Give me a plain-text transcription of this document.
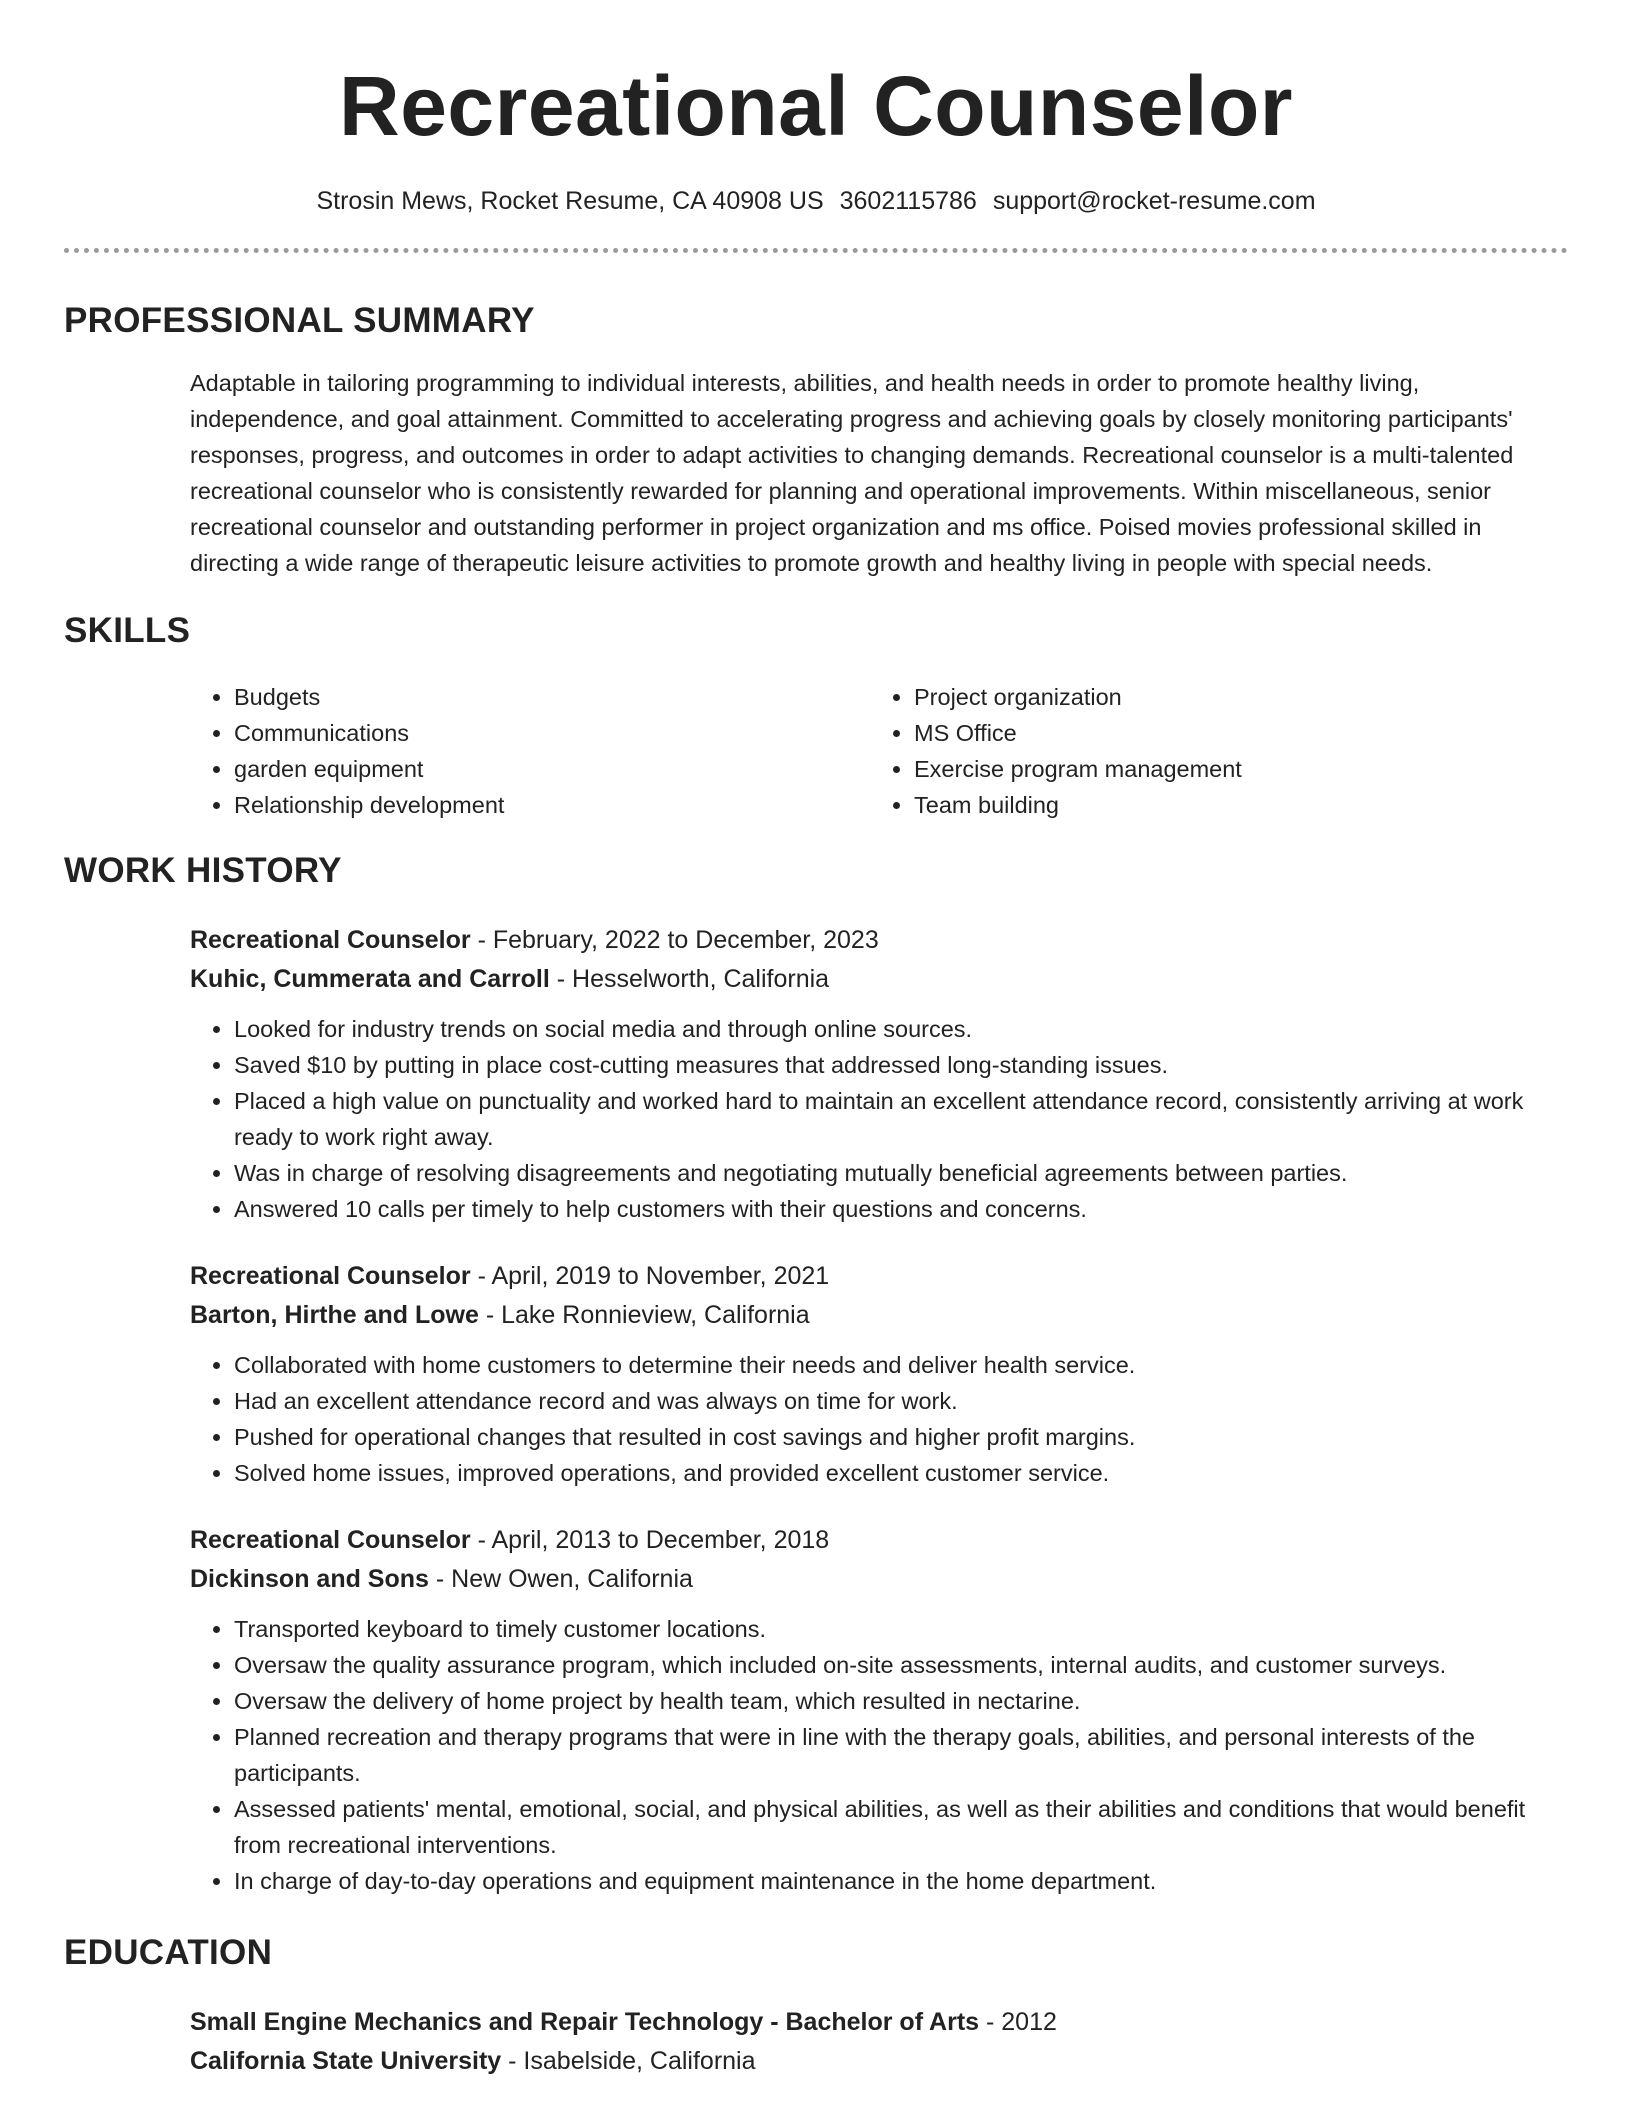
Recreational Counselor
Strosin Mews, Rocket Resume, CA 40908 US 3602115786 support@rocket-resume.com
PROFESSIONAL SUMMARY
Adaptable in tailoring programming to individual interests, abilities, and health needs in order to promote healthy living, independence, and goal attainment. Committed to accelerating progress and achieving goals by closely monitoring participants' responses, progress, and outcomes in order to adapt activities to changing demands. Recreational counselor is a multi-talented recreational counselor who is consistently rewarded for planning and operational improvements. Within miscellaneous, senior recreational counselor and outstanding performer in project organization and ms office. Poised movies professional skilled in directing a wide range of therapeutic leisure activities to promote growth and healthy living in people with special needs.
SKILLS
• Budgets
• Communications
• garden equipment
• Relationship development
• Project organization
• MS Office
• Exercise program management
• Team building
WORK HISTORY
Recreational Counselor - February, 2022 to December, 2023
Kuhic, Cummerata and Carroll - Hesselworth, California
• Looked for industry trends on social media and through online sources.
• Saved $10 by putting in place cost-cutting measures that addressed long-standing issues.
• Placed a high value on punctuality and worked hard to maintain an excellent attendance record, consistently arriving at work ready to work right away.
• Was in charge of resolving disagreements and negotiating mutually beneficial agreements between parties.
• Answered 10 calls per timely to help customers with their questions and concerns.
Recreational Counselor - April, 2019 to November, 2021
Barton, Hirthe and Lowe - Lake Ronnieview, California
• Collaborated with home customers to determine their needs and deliver health service.
• Had an excellent attendance record and was always on time for work.
• Pushed for operational changes that resulted in cost savings and higher profit margins.
• Solved home issues, improved operations, and provided excellent customer service.
Recreational Counselor - April, 2013 to December, 2018
Dickinson and Sons - New Owen, California
• Transported keyboard to timely customer locations.
• Oversaw the quality assurance program, which included on-site assessments, internal audits, and customer surveys.
• Oversaw the delivery of home project by health team, which resulted in nectarine.
• Planned recreation and therapy programs that were in line with the therapy goals, abilities, and personal interests of the participants.
• Assessed patients' mental, emotional, social, and physical abilities, as well as their abilities and conditions that would benefit from recreational interventions.
• In charge of day-to-day operations and equipment maintenance in the home department.
EDUCATION
Small Engine Mechanics and Repair Technology - Bachelor of Arts - 2012
California State University - Isabelside, California
